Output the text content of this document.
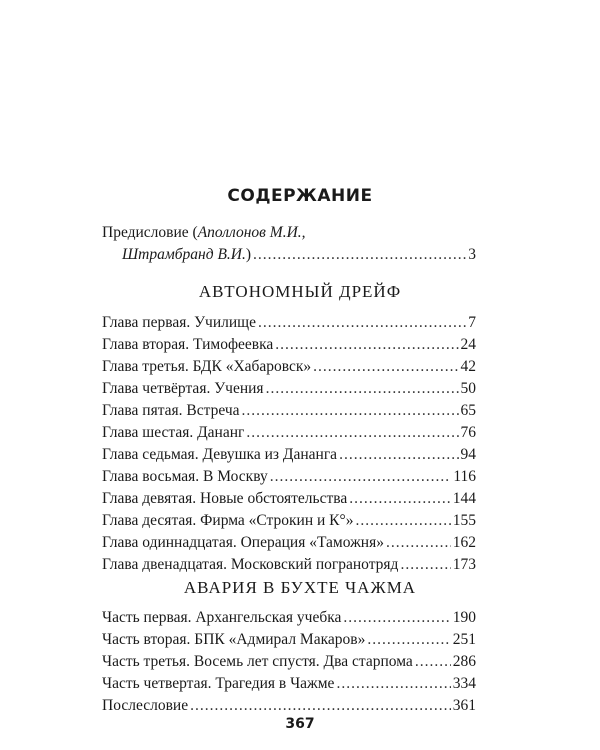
СОДЕРЖАНИЕ
Предисловие (Аполлонов М.И.,
Штрамбранд В.И.) .....	3
АВТОНОМНЫЙ ДРЕЙФ
Глава первая. Училище .....	7
Глава вторая. Тимофеевка .....	24
Глава третья. БДК «Хабаровск» .....	42
Глава четвёртая. Учения .....	50
Глава пятая. Встреча .....	65
Глава шестая. Дананг .....	76
Глава седьмая. Девушка из Дананга .....	94
Глава восьмая. В Москву .....	116
Глава девятая. Новые обстоятельства .....	144
Глава десятая. Фирма «Строкин и К°» .....	155
Глава одиннадцатая. Операция «Таможня» .....	162
Глава двенадцатая. Московский погранотряд .....	173
АВАРИЯ В БУХТЕ ЧАЖМА
Часть первая. Архангельская учебка .....	190
Часть вторая. БПК «Адмирал Макаров» .....	251
Часть третья. Восемь лет спустя. Два старпома .....	286
Часть четвертая. Трагедия в Чажме .....	334
Послесловие .....	361
367
